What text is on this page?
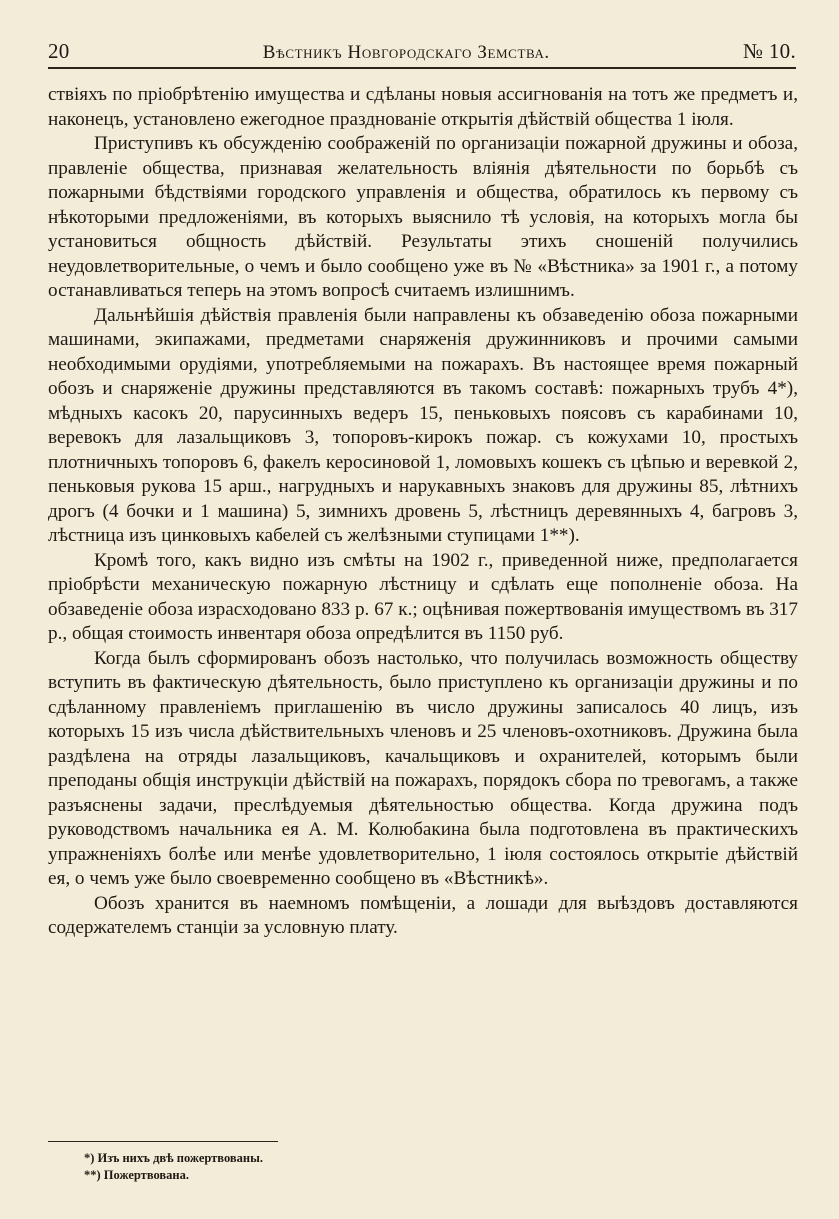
20	Вѣстникъ Новгородскаго Земства.	№ 10.

ствіяхъ по пріобрѣтенію имущества и сдѣланы новыя ассигнованія на тотъ же предметъ и, наконецъ, установлено ежегодное празднованіе открытія дѣйствій общества 1 іюля.

Приступивъ къ обсужденію соображеній по организаціи пожарной дружины и обоза, правленіе общества, признавая желательность вліянія дѣятельности по борьбѣ съ пожарными бѣдствіями городского управленія и общества, обратилось къ первому съ нѣкоторыми предложеніями, въ которыхъ выяснило тѣ условія, на которыхъ могла бы установиться общность дѣйствій. Результаты этихъ сношеній получились неудовлетворительные, о чемъ и было сообщено уже въ № «Вѣстника» за 1901 г., а потому останавливаться теперь на этомъ вопросѣ считаемъ излишнимъ.

Дальнѣйшія дѣйствія правленія были направлены къ обзаведенію обоза пожарными машинами, экипажами, предметами снаряженія дружинниковъ и прочими самыми необходимыми орудіями, употребляемыми на пожарахъ. Въ настоящее время пожарный обозъ и снаряженіе дружины представляются въ такомъ составѣ: пожарныхъ трубъ 4*), мѣдныхъ касокъ 20, парусинныхъ ведеръ 15, пеньковыхъ поясовъ съ карабинами 10, веревокъ для лазальщиковъ 3, топоровъ-кирокъ пожар. съ кожухами 10, простыхъ плотничныхъ топоровъ 6, факелъ керосиновой 1, ломовыхъ кошекъ съ цѣпью и веревкой 2, пеньковыя рукова 15 арш., нагрудныхъ и нарукавныхъ знаковъ для дружины 85, лѣтнихъ дрогъ (4 бочки и 1 машина) 5, зимнихъ дровень 5, лѣстницъ деревянныхъ 4, багровъ 3, лѣстница изъ цинковыхъ кабелей съ желѣзными ступицами 1**).

Кромѣ того, какъ видно изъ смѣты на 1902 г., приведенной ниже, предполагается пріобрѣсти механическую пожарную лѣстницу и сдѣлать еще пополненіе обоза. На обзаведеніе обоза израсходовано 833 р. 67 к.; оцѣнивая пожертвованія имуществомъ въ 317 р., общая стоимость инвентаря обоза опредѣлится въ 1150 руб.

Когда былъ сформированъ обозъ настолько, что получилась возможность обществу вступить въ фактическую дѣятельность, было приступлено къ организаціи дружины и по сдѣланному правленіемъ приглашенію въ число дружины записалось 40 лицъ, изъ которыхъ 15 изъ числа дѣйствительныхъ членовъ и 25 членовъ-охотниковъ. Дружина была раздѣлена на отряды лазальщиковъ, качальщиковъ и охранителей, которымъ были преподаны общія инструкціи дѣйствій на пожарахъ, порядокъ сбора по тревогамъ, а также разъяснены задачи, преслѣдуемыя дѣятельностью общества. Когда дружина подъ руководствомъ начальника ея А. М. Колюбакина была подготовлена въ практическихъ упражненіяхъ болѣе или менѣе удовлетворительно, 1 іюля состоялось открытіе дѣйствій ея, о чемъ уже было своевременно сообщено въ «Вѣстникѣ».

Обозъ хранится въ наемномъ помѣщеніи, а лошади для выѣздовъ доставляются содержателемъ станціи за условную плату.

*) Изъ нихъ двѣ пожертвованы.
**) Пожертвована.
